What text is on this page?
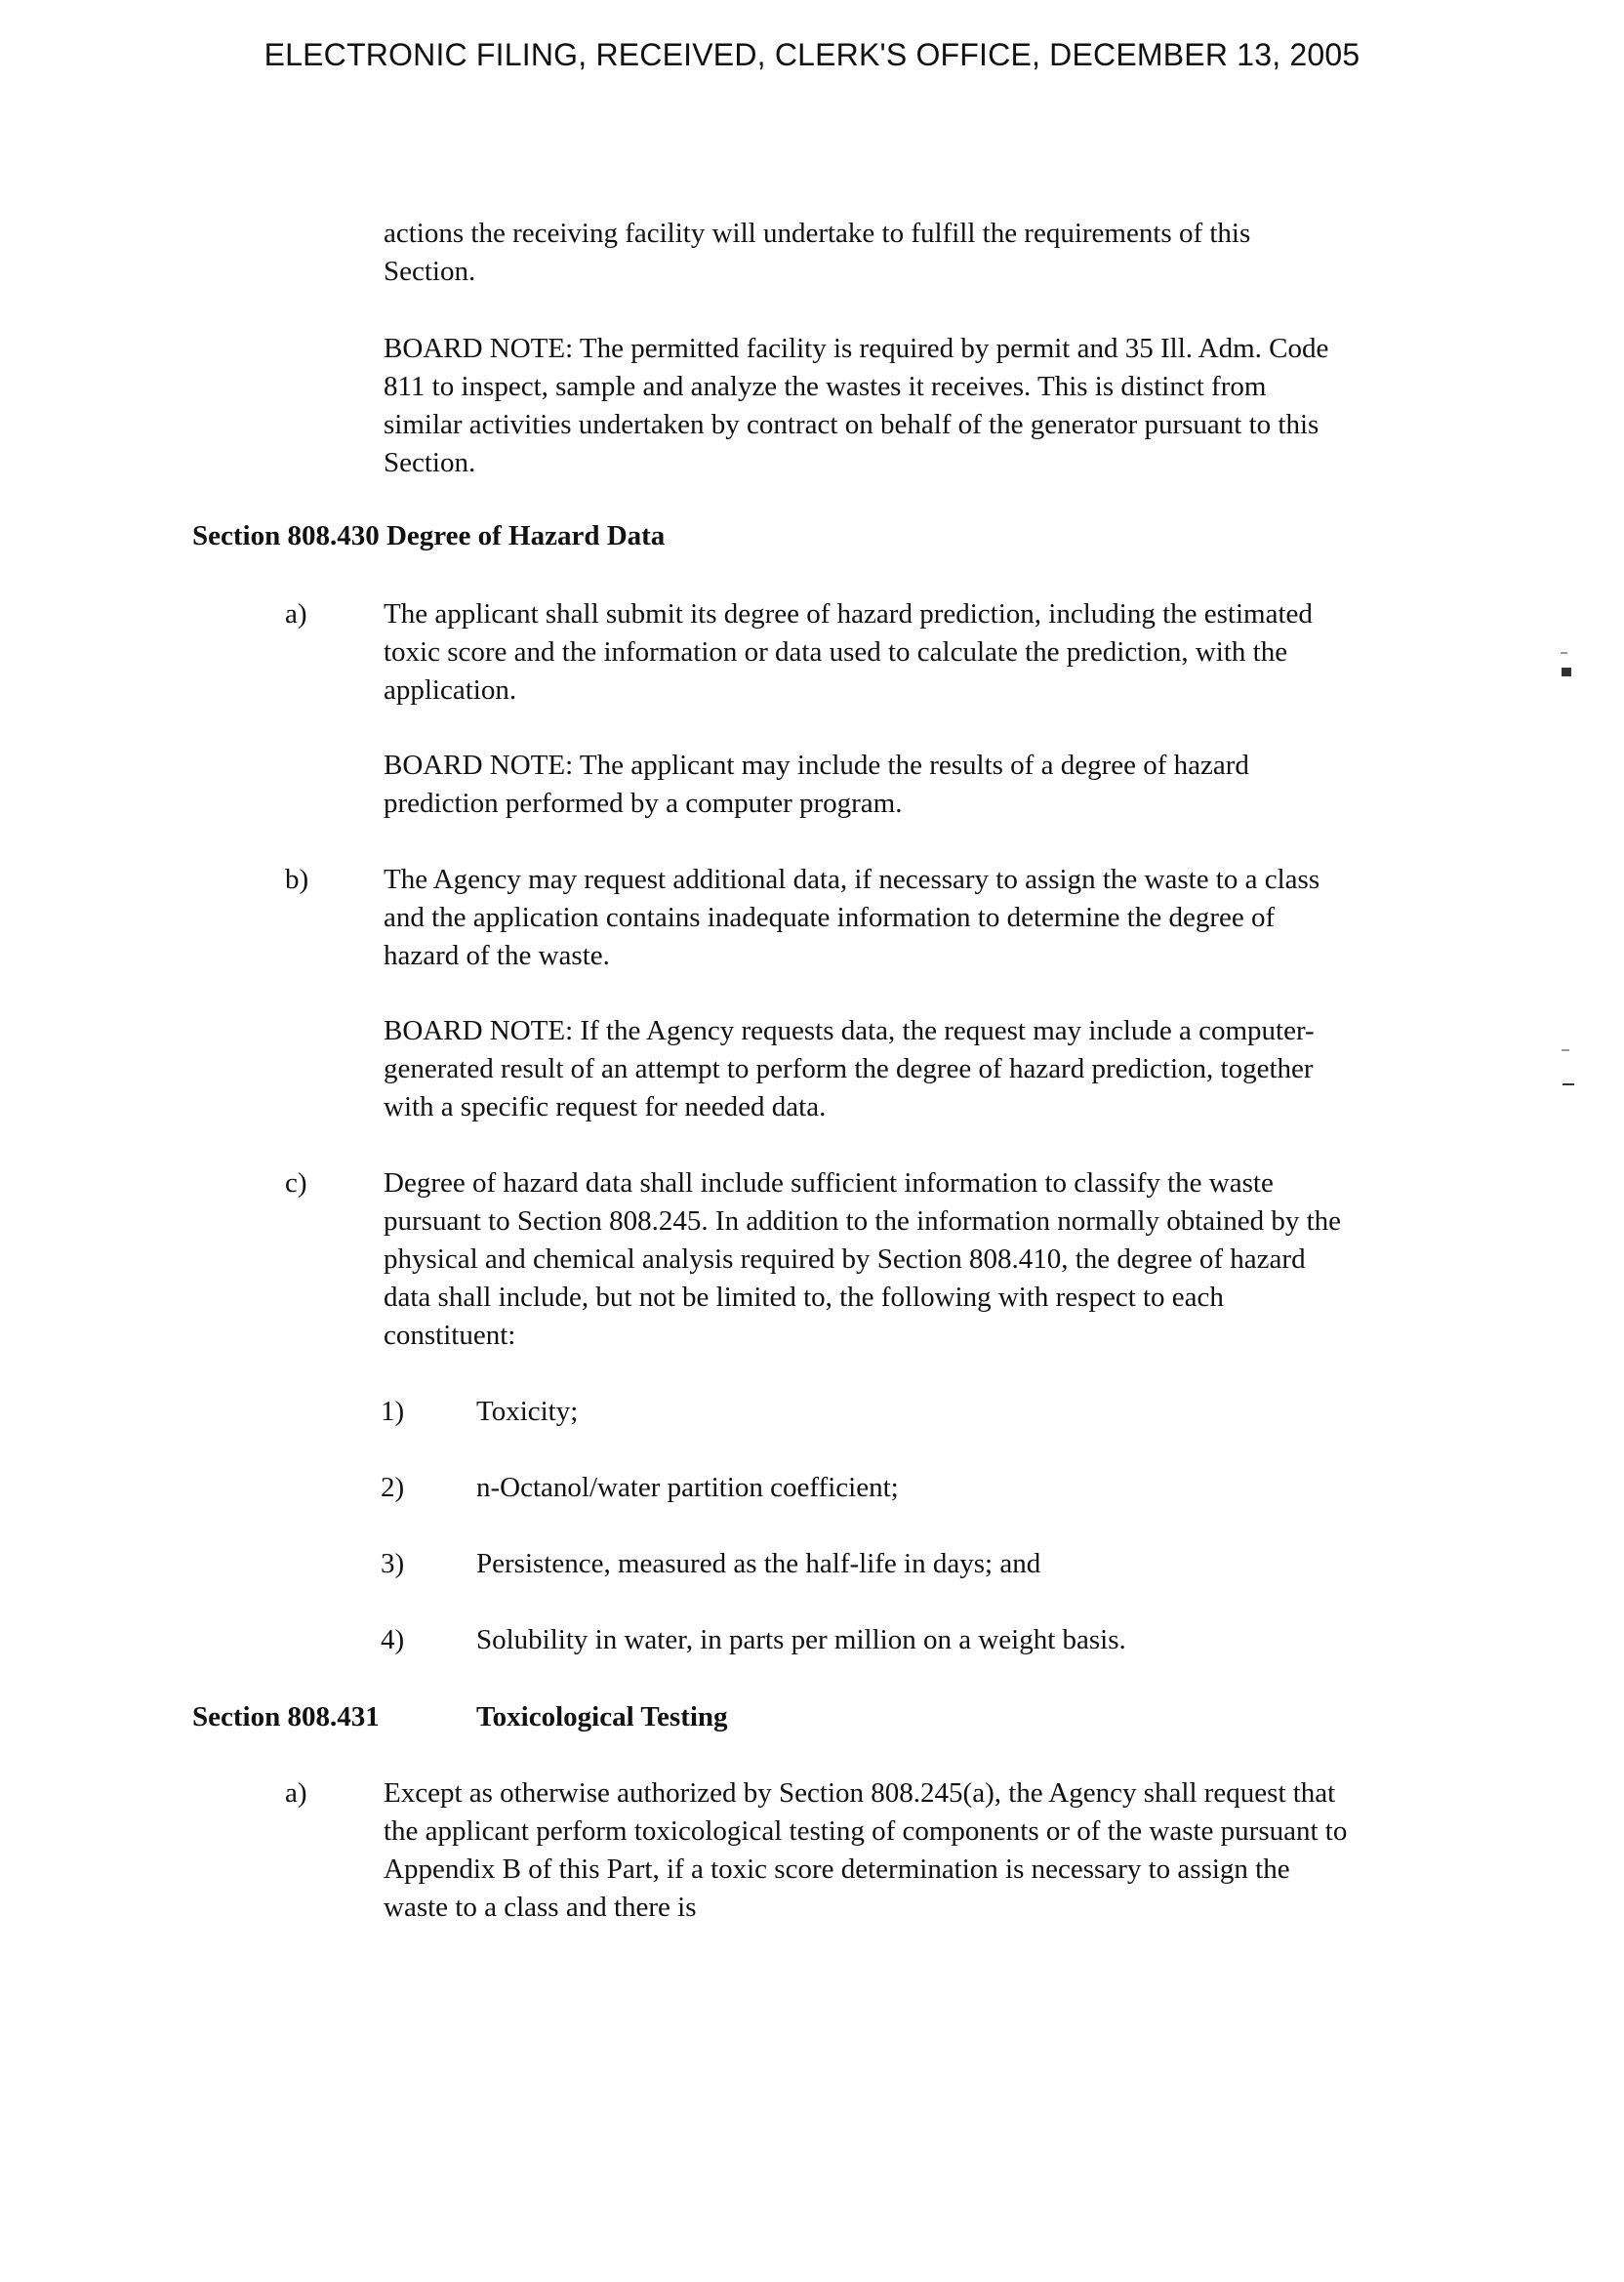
ELECTRONIC FILING, RECEIVED, CLERK'S OFFICE, DECEMBER 13, 2005

actions the receiving facility will undertake to fulfill the requirements of this Section.

BOARD NOTE: The permitted facility is required by permit and 35 Ill. Adm. Code 811 to inspect, sample and analyze the wastes it receives. This is distinct from similar activities undertaken by contract on behalf of the generator pursuant to this Section.

Section 808.430 Degree of Hazard Data
a)	The applicant shall submit its degree of hazard prediction, including the estimated toxic score and the information or data used to calculate the prediction, with the application.

BOARD NOTE: The applicant may include the results of a degree of hazard prediction performed by a computer program.

b)	The Agency may request additional data, if necessary to assign the waste to a class and the application contains inadequate information to determine the degree of hazard of the waste.

BOARD NOTE: If the Agency requests data, the request may include a computer-generated result of an attempt to perform the degree of hazard prediction, together with a specific request for needed data.

c)	Degree of hazard data shall include sufficient information to classify the waste pursuant to Section 808.245. In addition to the information normally obtained by the physical and chemical analysis required by Section 808.410, the degree of hazard data shall include, but not be limited to, the following with respect to each constituent:

1)	Toxicity;

2)	n-Octanol/water partition coefficient;

3)	Persistence, measured as the half-life in days; and

4)	Solubility in water, in parts per million on a weight basis.

Section 808.431	Toxicological Testing
a)	Except as otherwise authorized by Section 808.245(a), the Agency shall request that the applicant perform toxicological testing of components or of the waste pursuant to Appendix B of this Part, if a toxic score determination is necessary to assign the waste to a class and there is
